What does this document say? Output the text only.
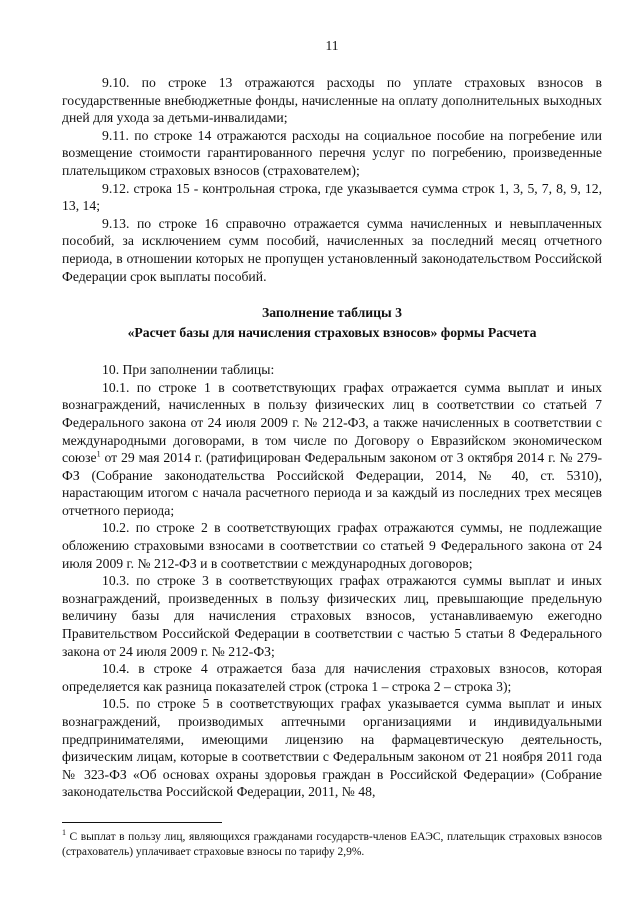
11

9.10. по строке 13 отражаются расходы по уплате страховых взносов в государственные внебюджетные фонды, начисленные на оплату дополнительных выходных дней для ухода за детьми-инвалидами;

9.11. по строке 14 отражаются расходы на социальное пособие на погребение или возмещение стоимости гарантированного перечня услуг по погребению, произведенные плательщиком страховых взносов (страхователем);

9.12. строка 15 - контрольная строка, где указывается сумма строк 1, 3, 5, 7, 8, 9, 12, 13, 14;

9.13. по строке 16 справочно отражается сумма начисленных и невыплаченных пособий, за исключением сумм пособий, начисленных за последний месяц отчетного периода, в отношении которых не пропущен установленный законодательством Российской Федерации срок выплаты пособий.

Заполнение таблицы 3

«Расчет базы для начисления страховых взносов» формы Расчета

10. При заполнении таблицы:

10.1. по строке 1 в соответствующих графах отражается сумма выплат и иных вознаграждений, начисленных в пользу физических лиц в соответствии со статьей 7 Федерального закона от 24 июля 2009 г. № 212-ФЗ, а также начисленных в соответствии с международными договорами, в том числе по Договору о Евразийском экономическом союзе$^1$ от 29 мая 2014 г. (ратифицирован Федеральным законом от 3 октября 2014 г. № 279-ФЗ (Собрание законодательства Российской Федерации, 2014, № 40, ст. 5310), нарастающим итогом с начала расчетного периода и за каждый из последних трех месяцев отчетного периода;

10.2. по строке 2 в соответствующих графах отражаются суммы, не подлежащие обложению страховыми взносами в соответствии со статьей 9 Федерального закона от 24 июля 2009 г. № 212-ФЗ и в соответствии с международных договоров;

10.3. по строке 3 в соответствующих графах отражаются суммы выплат и иных вознаграждений, произведенных в пользу физических лиц, превышающие предельную величину базы для начисления страховых взносов, устанавливаемую ежегодно Правительством Российской Федерации в соответствии с частью 5 статьи 8 Федерального закона от 24 июля 2009 г. № 212-ФЗ;

10.4. в строке 4 отражается база для начисления страховых взносов, которая определяется как разница показателей строк (строка 1 – строка 2 – строка 3);

10.5. по строке 5 в соответствующих графах указывается сумма выплат и иных вознаграждений, производимых аптечными организациями и индивидуальными предпринимателями, имеющими лицензию на фармацевтическую деятельность, физическим лицам, которые в соответствии с Федеральным законом от 21 ноября 2011 года № 323-ФЗ «Об основах охраны здоровья граждан в Российской Федерации» (Собрание законодательства Российской Федерации, 2011, № 48,

$^1$ С выплат в пользу лиц, являющихся гражданами государств-членов ЕАЭС, плательщик страховых взносов (страхователь) уплачивает страховые взносы по тарифу 2,9%.
